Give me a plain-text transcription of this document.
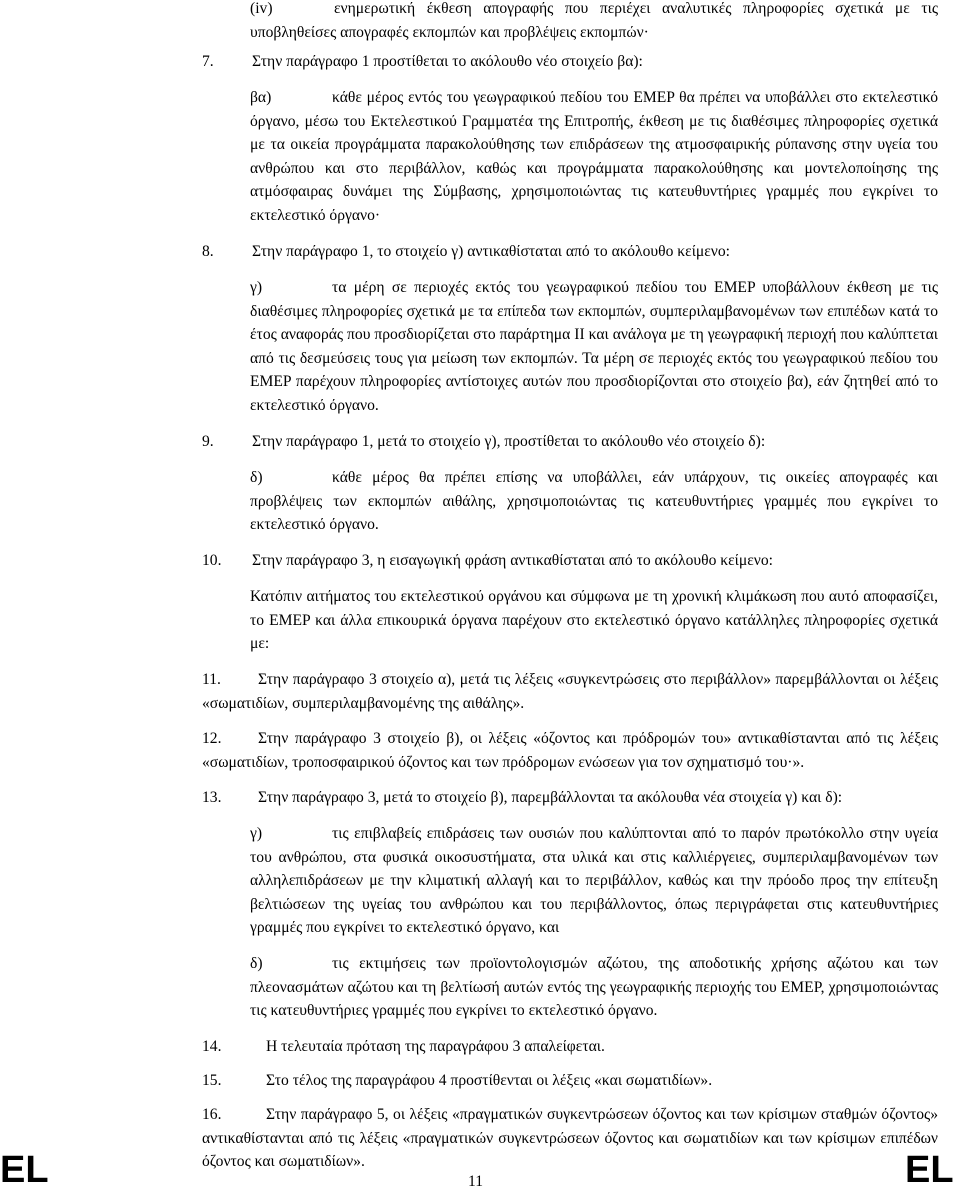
(iv)	ενημερωτική έκθεση απογραφής που περιέχει αναλυτικές πληροφορίες σχετικά με τις υποβληθείσες απογραφές εκπομπών και προβλέψεις εκπομπών·
7. Στην παράγραφο 1 προστίθεται το ακόλουθο νέο στοιχείο βα):
βα)	κάθε μέρος εντός του γεωγραφικού πεδίου του EMEP θα πρέπει να υποβάλλει στο εκτελεστικό όργανο, μέσω του Εκτελεστικού Γραμματέα της Επιτροπής, έκθεση με τις διαθέσιμες πληροφορίες σχετικά με τα οικεία προγράμματα παρακολούθησης των επιδράσεων της ατμοσφαιρικής ρύπανσης στην υγεία του ανθρώπου και στο περιβάλλον, καθώς και προγράμματα παρακολούθησης και μοντελοποίησης της ατμόσφαιρας δυνάμει της Σύμβασης, χρησιμοποιώντας τις κατευθυντήριες γραμμές που εγκρίνει το εκτελεστικό όργανο·
8. Στην παράγραφο 1, το στοιχείο γ) αντικαθίσταται από το ακόλουθο κείμενο:
γ)	τα μέρη σε περιοχές εκτός του γεωγραφικού πεδίου του EMEP υποβάλλουν έκθεση με τις διαθέσιμες πληροφορίες σχετικά με τα επίπεδα των εκπομπών, συμπεριλαμβανομένων των επιπέδων κατά το έτος αναφοράς που προσδιορίζεται στο παράρτημα II και ανάλογα με τη γεωγραφική περιοχή που καλύπτεται από τις δεσμεύσεις τους για μείωση των εκπομπών. Τα μέρη σε περιοχές εκτός του γεωγραφικού πεδίου του EMEP παρέχουν πληροφορίες αντίστοιχες αυτών που προσδιορίζονται στο στοιχείο βα), εάν ζητηθεί από το εκτελεστικό όργανο.
9. Στην παράγραφο 1, μετά το στοιχείο γ), προστίθεται το ακόλουθο νέο στοιχείο δ):
δ)	κάθε μέρος θα πρέπει επίσης να υποβάλλει, εάν υπάρχουν, τις οικείες απογραφές και προβλέψεις των εκπομπών αιθάλης, χρησιμοποιώντας τις κατευθυντήριες γραμμές που εγκρίνει το εκτελεστικό όργανο.
10. Στην παράγραφο 3, η εισαγωγική φράση αντικαθίσταται από το ακόλουθο κείμενο:
Κατόπιν αιτήματος του εκτελεστικού οργάνου και σύμφωνα με τη χρονική κλιμάκωση που αυτό αποφασίζει, το EMEP και άλλα επικουρικά όργανα παρέχουν στο εκτελεστικό όργανο κατάλληλες πληροφορίες σχετικά με:
11. Στην παράγραφο 3 στοιχείο α), μετά τις λέξεις «συγκεντρώσεις στο περιβάλλον» παρεμβάλλονται οι λέξεις «σωματιδίων, συμπεριλαμβανομένης της αιθάλης».
12. Στην παράγραφο 3 στοιχείο β), οι λέξεις «όζοντος και πρόδρομών του» αντικαθίστανται από τις λέξεις «σωματιδίων, τροποσφαιρικού όζοντος και των πρόδρομων ενώσεων για τον σχηματισμό του·».
13. Στην παράγραφο 3, μετά το στοιχείο β), παρεμβάλλονται τα ακόλουθα νέα στοιχεία γ) και δ):
γ)	τις επιβλαβείς επιδράσεις των ουσιών που καλύπτονται από το παρόν πρωτόκολλο στην υγεία του ανθρώπου, στα φυσικά οικοσυστήματα, στα υλικά και στις καλλιέργειες, συμπεριλαμβανομένων των αλληλεπιδράσεων με την κλιματική αλλαγή και το περιβάλλον, καθώς και την πρόοδο προς την επίτευξη βελτιώσεων της υγείας του ανθρώπου και του περιβάλλοντος, όπως περιγράφεται στις κατευθυντήριες γραμμές που εγκρίνει το εκτελεστικό όργανο, και
δ)	τις εκτιμήσεις των προϊοντολογισμών αζώτου, της αποδοτικής χρήσης αζώτου και των πλεονασμάτων αζώτου και τη βελτίωσή αυτών εντός της γεωγραφικής περιοχής του EMEP, χρησιμοποιώντας τις κατευθυντήριες γραμμές που εγκρίνει το εκτελεστικό όργανο.
14.	Η τελευταία πρόταση της παραγράφου 3 απαλείφεται.
15.	Στο τέλος της παραγράφου 4 προστίθενται οι λέξεις «και σωματιδίων».
16.	Στην παράγραφο 5, οι λέξεις «πραγματικών συγκεντρώσεων όζοντος και των κρίσιμων σταθμών όζοντος» αντικαθίστανται από τις λέξεις «πραγματικών συγκεντρώσεων όζοντος και σωματιδίων και των κρίσιμων επιπέδων όζοντος και σωματιδίων».
EL	11	EL
